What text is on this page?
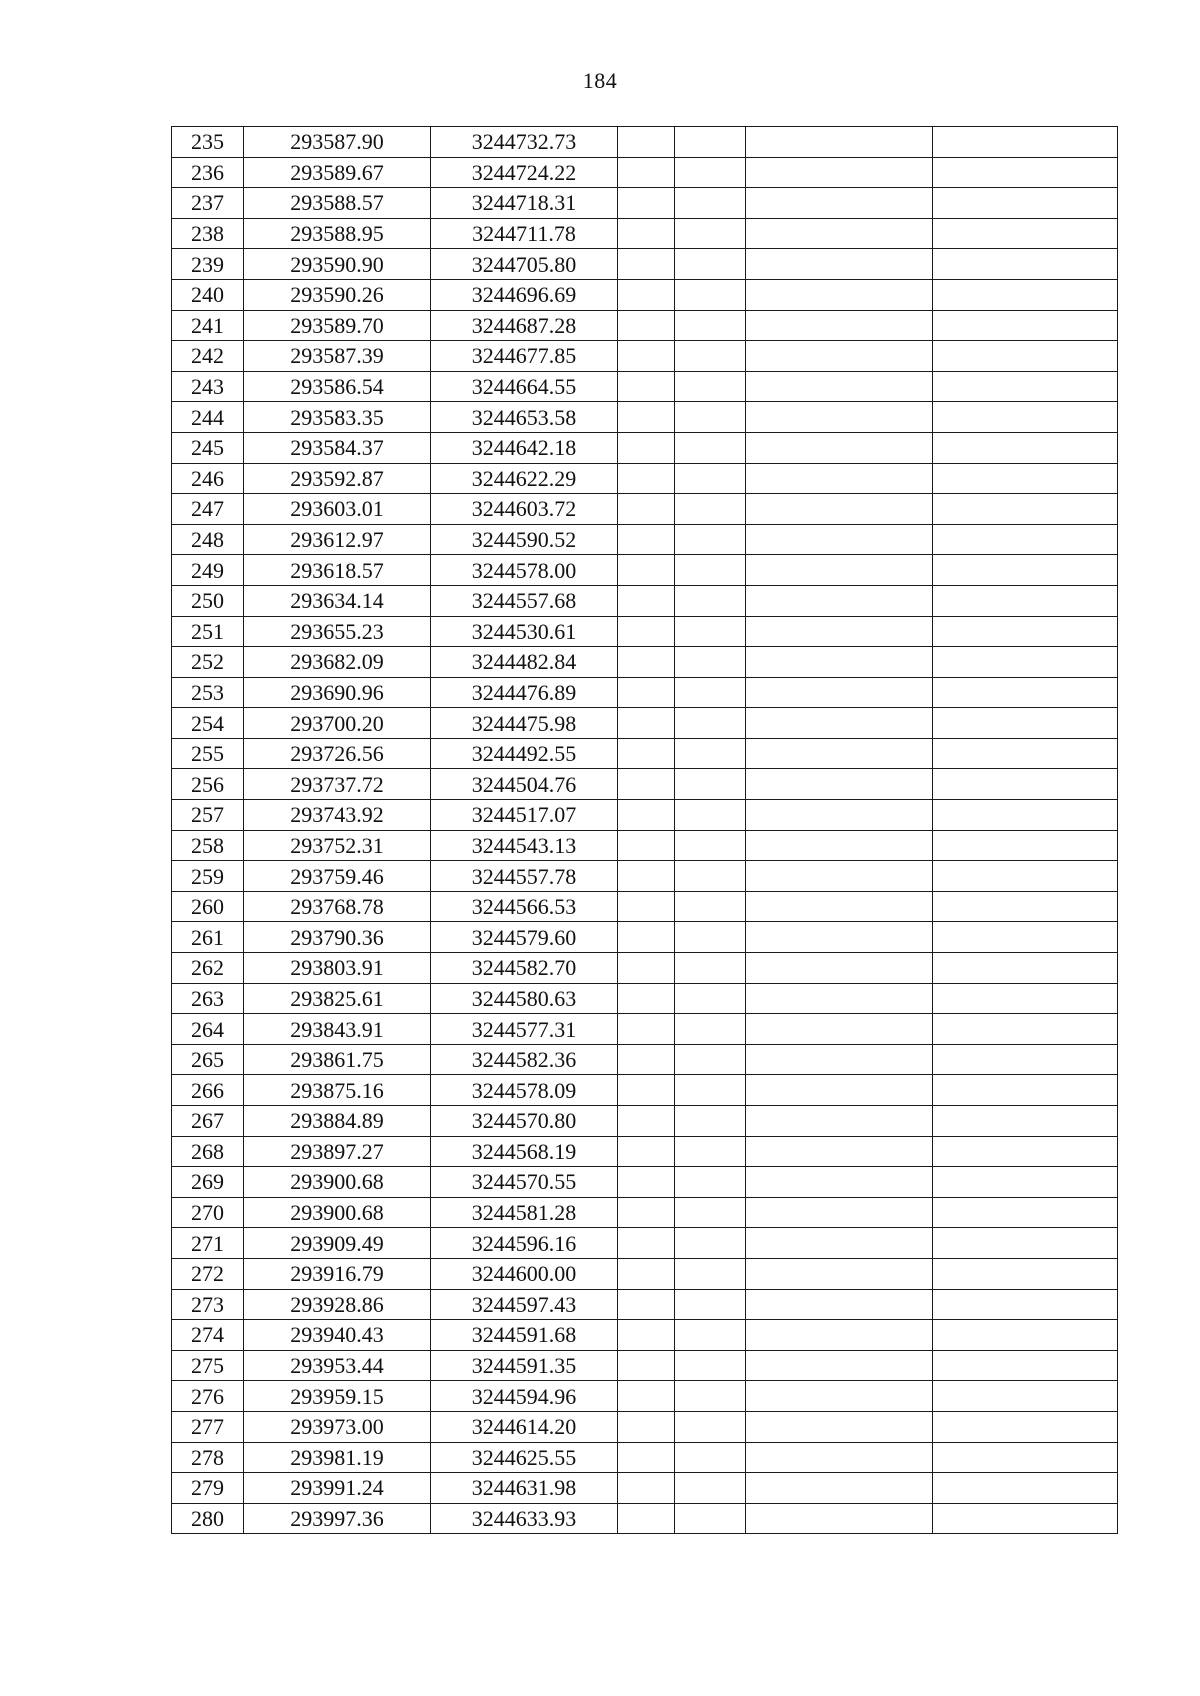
184
235	293587.90	3244732.73				
236	293589.67	3244724.22				
237	293588.57	3244718.31				
238	293588.95	3244711.78				
239	293590.90	3244705.80				
240	293590.26	3244696.69				
241	293589.70	3244687.28				
242	293587.39	3244677.85				
243	293586.54	3244664.55				
244	293583.35	3244653.58				
245	293584.37	3244642.18				
246	293592.87	3244622.29				
247	293603.01	3244603.72				
248	293612.97	3244590.52				
249	293618.57	3244578.00				
250	293634.14	3244557.68				
251	293655.23	3244530.61				
252	293682.09	3244482.84				
253	293690.96	3244476.89				
254	293700.20	3244475.98				
255	293726.56	3244492.55				
256	293737.72	3244504.76				
257	293743.92	3244517.07				
258	293752.31	3244543.13				
259	293759.46	3244557.78				
260	293768.78	3244566.53				
261	293790.36	3244579.60				
262	293803.91	3244582.70				
263	293825.61	3244580.63				
264	293843.91	3244577.31				
265	293861.75	3244582.36				
266	293875.16	3244578.09				
267	293884.89	3244570.80				
268	293897.27	3244568.19				
269	293900.68	3244570.55				
270	293900.68	3244581.28				
271	293909.49	3244596.16				
272	293916.79	3244600.00				
273	293928.86	3244597.43				
274	293940.43	3244591.68				
275	293953.44	3244591.35				
276	293959.15	3244594.96				
277	293973.00	3244614.20				
278	293981.19	3244625.55				
279	293991.24	3244631.98				
280	293997.36	3244633.93				
